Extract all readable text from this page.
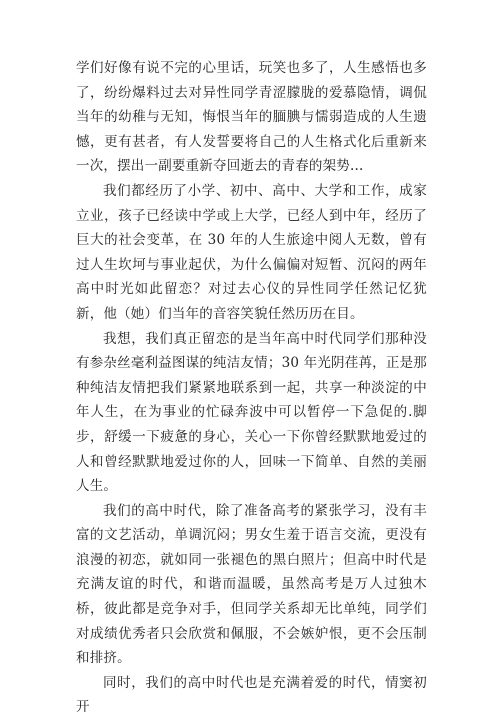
学们好像有说不完的心里话，玩笑也多了，人生感悟也多了，纷纷爆料过去对异性同学青涩朦胧的爱慕隐情，调侃当年的幼稚与无知，悔恨当年的腼腆与懦弱造成的人生遗憾，更有甚者，有人发誓要将自己的人生格式化后重新来一次，摆出一副要重新夺回逝去的青春的架势...

我们都经历了小学、初中、高中、大学和工作，成家立业，孩子已经读中学或上大学，已经人到中年，经历了巨大的社会变革，在 30 年的人生旅途中阅人无数，曾有过人生坎坷与事业起伏，为什么偏偏对短暂、沉闷的两年高中时光如此留恋？对过去心仪的异性同学任然记忆犹新，他（她）们当年的音容笑貌任然历历在目。

我想，我们真正留恋的是当年高中时代同学们那种没有参杂丝毫利益图谋的纯洁友情；30 年光阴荏苒，正是那种纯洁友情把我们紧紧地联系到一起，共享一种淡淀的中年人生，在为事业的忙碌奔波中可以暂停一下急促的.脚步，舒缓一下疲惫的身心，关心一下你曾经默默地爱过的人和曾经默默地爱过你的人，回味一下简单、自然的美丽人生。

我们的高中时代，除了准备高考的紧张学习，没有丰富的文艺活动，单调沉闷；男女生羞于语言交流，更没有浪漫的初恋，就如同一张褪色的黑白照片；但高中时代是充满友谊的时代，和谐而温暖，虽然高考是万人过独木桥，彼此都是竞争对手，但同学关系却无比单纯，同学们对成绩优秀者只会欣赏和佩服，不会嫉妒恨，更不会压制和排挤。

同时，我们的高中时代也是充满着爱的时代，情窦初开
